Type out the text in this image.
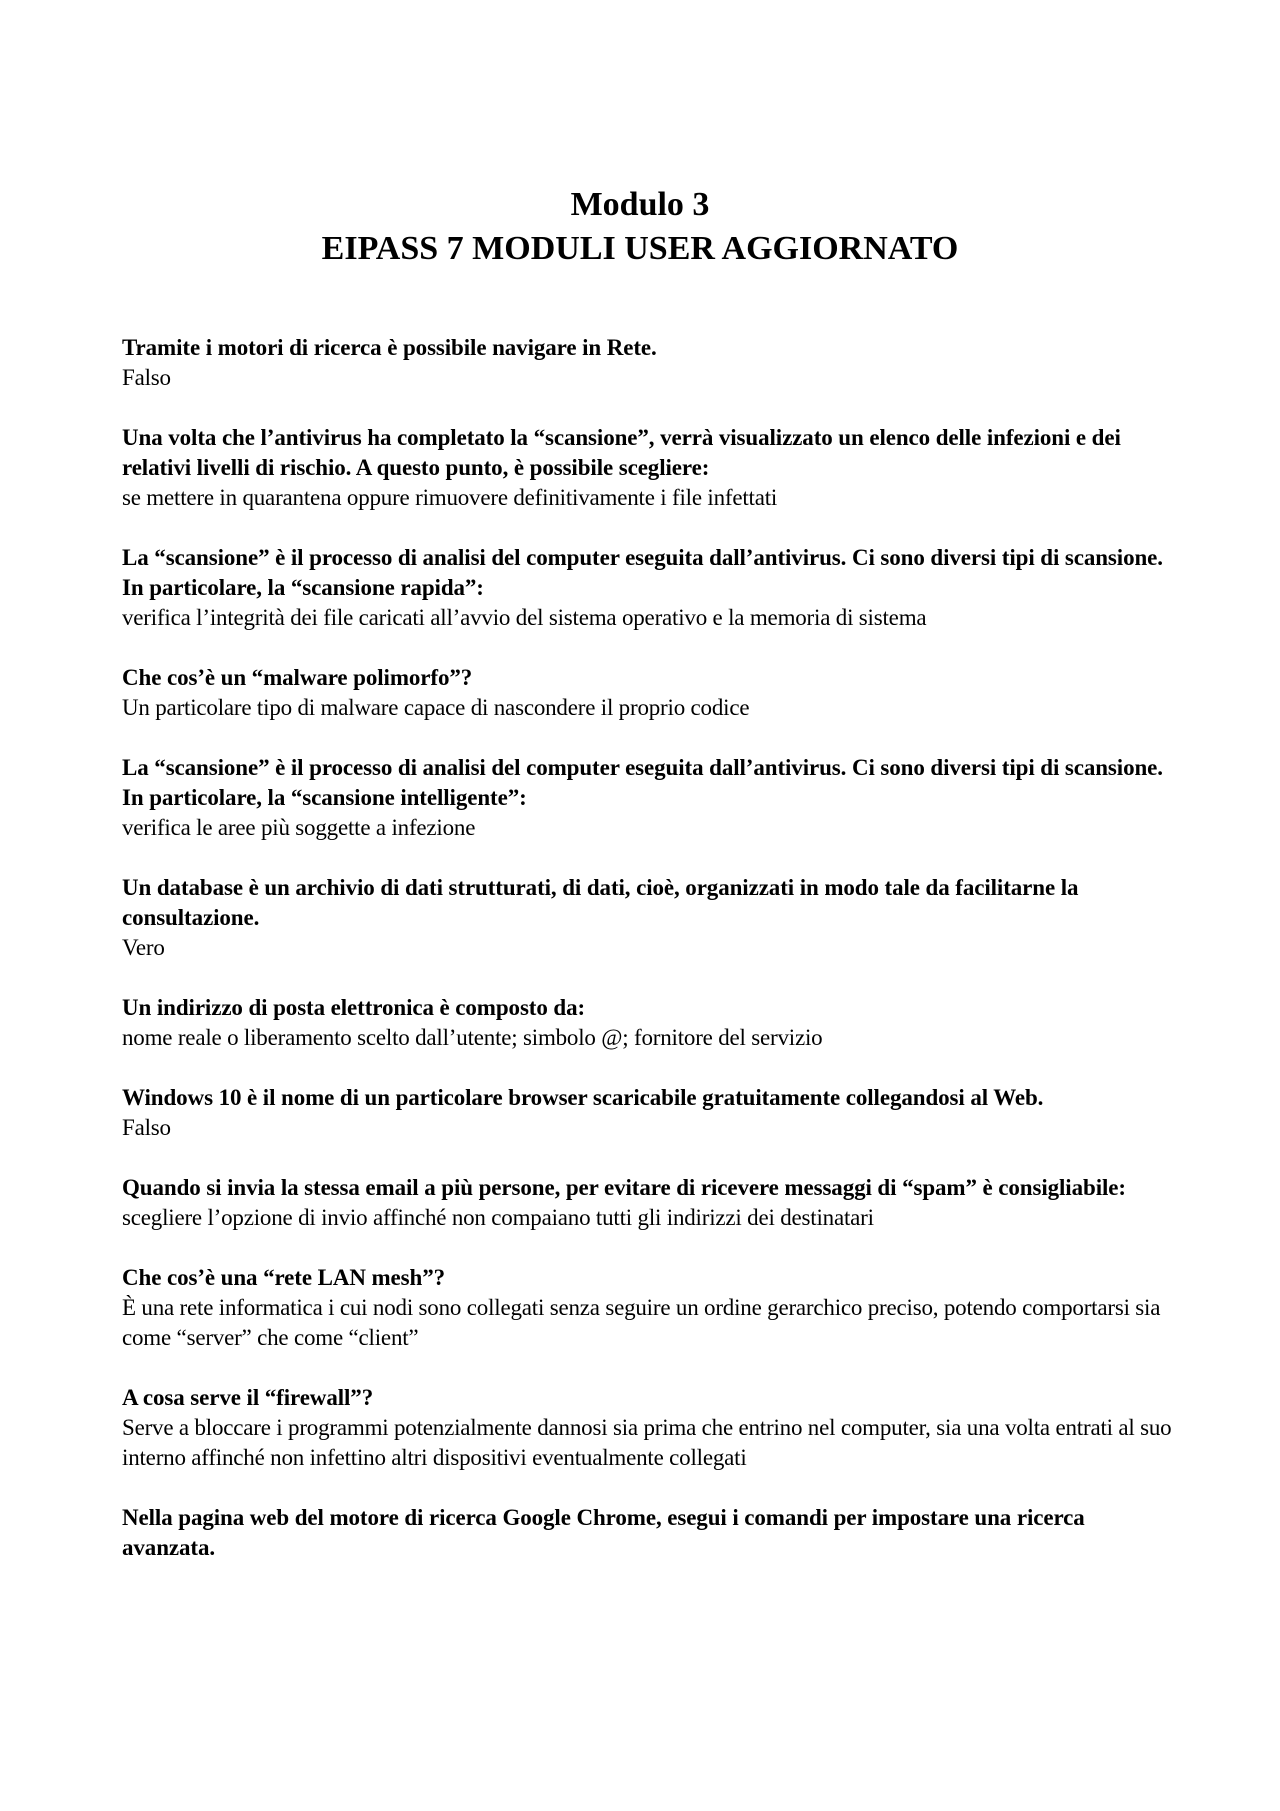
Modulo 3
EIPASS 7 MODULI USER AGGIORNATO
Tramite i motori di ricerca è possibile navigare in Rete.
Falso
Una volta che l’antivirus ha completato la “scansione”, verrà visualizzato un elenco delle infezioni e dei relativi livelli di rischio. A questo punto, è possibile scegliere:
se mettere in quarantena oppure rimuovere definitivamente i file infettati
La “scansione” è il processo di analisi del computer eseguita dall’antivirus. Ci sono diversi tipi di scansione. In particolare, la “scansione rapida”:
verifica l’integrità dei file caricati all’avvio del sistema operativo e la memoria di sistema
Che cos’è un “malware polimorfo”?
Un particolare tipo di malware capace di nascondere il proprio codice
La “scansione” è il processo di analisi del computer eseguita dall’antivirus. Ci sono diversi tipi di scansione. In particolare, la “scansione intelligente”:
verifica le aree più soggette a infezione
Un database è un archivio di dati strutturati, di dati, cioè, organizzati in modo tale da facilitarne la consultazione.
Vero
Un indirizzo di posta elettronica è composto da:
nome reale o liberamento scelto dall’utente; simbolo @; fornitore del servizio
Windows 10 è il nome di un particolare browser scaricabile gratuitamente collegandosi al Web.
Falso
Quando si invia la stessa email a più persone, per evitare di ricevere messaggi di “spam” è consigliabile:
scegliere l’opzione di invio affinché non compaiano tutti gli indirizzi dei destinatari
Che cos’è una “rete LAN mesh”?
È una rete informatica i cui nodi sono collegati senza seguire un ordine gerarchico preciso, potendo comportarsi sia come “server” che come “client”
A cosa serve il “firewall”?
Serve a bloccare i programmi potenzialmente dannosi sia prima che entrino nel computer, sia una volta entrati al suo interno affinché non infettino altri dispositivi eventualmente collegati
Nella pagina web del motore di ricerca Google Chrome, esegui i comandi per impostare una ricerca avanzata.
